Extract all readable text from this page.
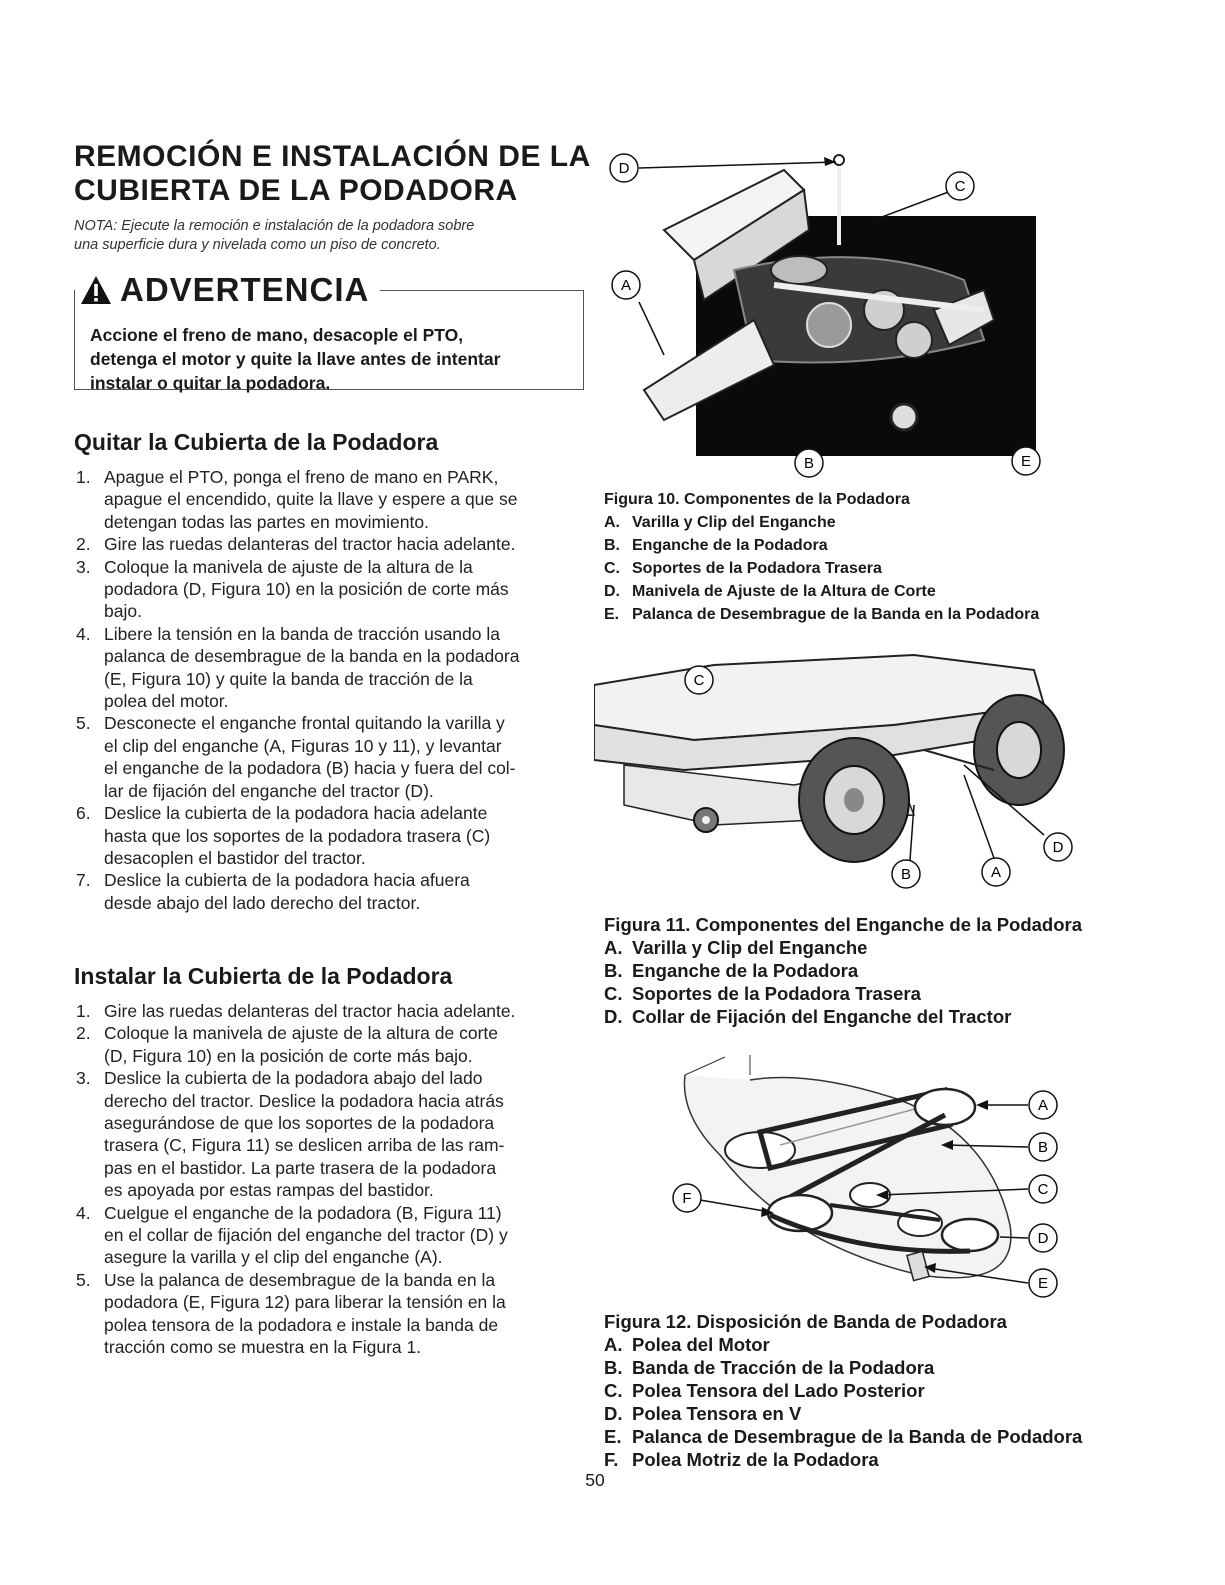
REMOCIÓN E INSTALACIÓN DE LA
CUBIERTA DE LA PODADORA
NOTA: Ejecute la remoción e instalación de la podadora sobre
una superficie dura y nivelada como un piso de concreto.
ADVERTENCIA
Accione el freno de mano, desacople el PTO,
detenga el motor y quite la llave antes de intentar
instalar o quitar la podadora.
Quitar la Cubierta de la Podadora
1. Apague el PTO, ponga el freno de mano en PARK,
apague el encendido, quite la llave y espere a que se
detengan todas las partes en movimiento.
2. Gire las ruedas delanteras del tractor hacia adelante.
3. Coloque la manivela de ajuste de la altura de la
podadora (D, Figura 10) en la posición de corte más
bajo.
4. Libere la tensión en la banda de tracción usando la
palanca de desembrague de la banda en la podadora
(E, Figura 10) y quite la banda de tracción de la
polea del motor.
5. Desconecte el enganche frontal quitando la varilla y
el clip del enganche (A, Figuras 10 y 11), y levantar
el enganche de la podadora (B) hacia y fuera del col-
lar de fijación del enganche del tractor (D).
6. Deslice la cubierta de la podadora hacia adelante
hasta que los soportes de la podadora trasera (C)
desacoplen el bastidor del tractor.
7. Deslice la cubierta de la podadora hacia afuera
desde abajo del lado derecho del tractor.
Instalar la Cubierta de la Podadora
1. Gire las ruedas delanteras del tractor hacia adelante.
2. Coloque la manivela de ajuste de la altura de corte
(D, Figura 10) en la posición de corte más bajo.
3. Deslice la cubierta de la podadora abajo del lado
derecho del tractor. Deslice la podadora hacia atrás
asegurándose de que los soportes de la podadora
trasera (C, Figura 11) se deslicen arriba de las ram-
pas en el bastidor. La parte trasera de la podadora
es apoyada por estas rampas del bastidor.
4. Cuelgue el enganche de la podadora (B, Figura 11)
en el collar de fijación del enganche del tractor (D) y
asegure la varilla y el clip del enganche (A).
5. Use la palanca de desembrague de la banda en la
podadora (E, Figura 12) para liberar la tensión en la
polea tensora de la podadora e instale la banda de
tracción como se muestra en la Figura 1.
D
C
A
B	E
Figura 10. Componentes de la Podadora
A. Varilla y Clip del Enganche
B. Enganche de la Podadora
C. Soportes de la Podadora Trasera
D. Manivela de Ajuste de la Altura de Corte
E. Palanca de Desembrague de la Banda en la Podadora
C
D
B	A
Figura 11. Componentes del Enganche de la Podadora
A. Varilla y Clip del Enganche
B. Enganche de la Podadora
C. Soportes de la Podadora Trasera
D. Collar de Fijación del Enganche del Tractor
A
B
C
F
D
E
Figura 12. Disposición de Banda de Podadora
A. Polea del Motor
B. Banda de Tracción de la Podadora
C. Polea Tensora del Lado Posterior
D. Polea Tensora en V
E. Palanca de Desembrague de la Banda de Podadora
F. Polea Motriz de la Podadora
50
